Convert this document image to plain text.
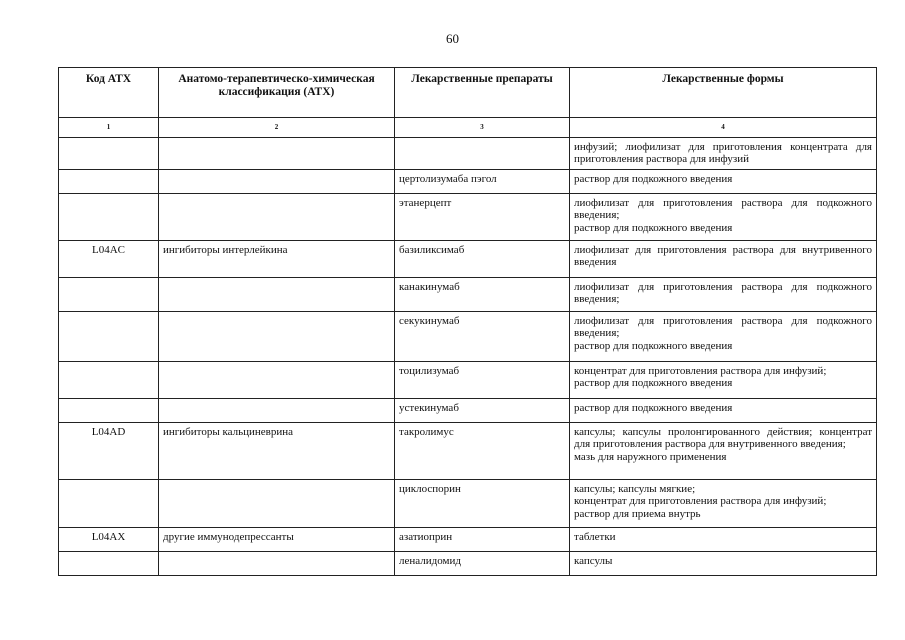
60
Код АТХ	Анатомо-терапевтическо-химическая классификация (АТХ)	Лекарственные препараты	Лекарственные формы
1	2	3	4
			инфузий; лиофилизат для приготовления концентрата для приготовления раствора для инфузий
		цертолизумаба пэгол	раствор для подкожного введения
		этанерцепт	лиофилизат для приготовления раствора для подкожного введения;
раствор для подкожного введения
L04AC	ингибиторы интерлейкина	базиликсимаб	лиофилизат для приготовления раствора для внутривенного введения
		канакинумаб	лиофилизат для приготовления раствора для подкожного введения;
		секукинумаб	лиофилизат для приготовления раствора для подкожного введения;
раствор для подкожного введения
		тоцилизумаб	концентрат для приготовления раствора для инфузий;
раствор для подкожного введения
		устекинумаб	раствор для подкожного введения
L04AD	ингибиторы кальциневрина	такролимус	капсулы; капсулы пролонгированного действия; концентрат для приготовления раствора для внутривенного введения;
мазь для наружного применения
		циклоспорин	капсулы; капсулы мягкие;
концентрат для приготовления раствора для инфузий;
раствор для приема внутрь
L04AX	другие иммунодепрессанты	азатиоприн	таблетки
		леналидомид	капсулы
